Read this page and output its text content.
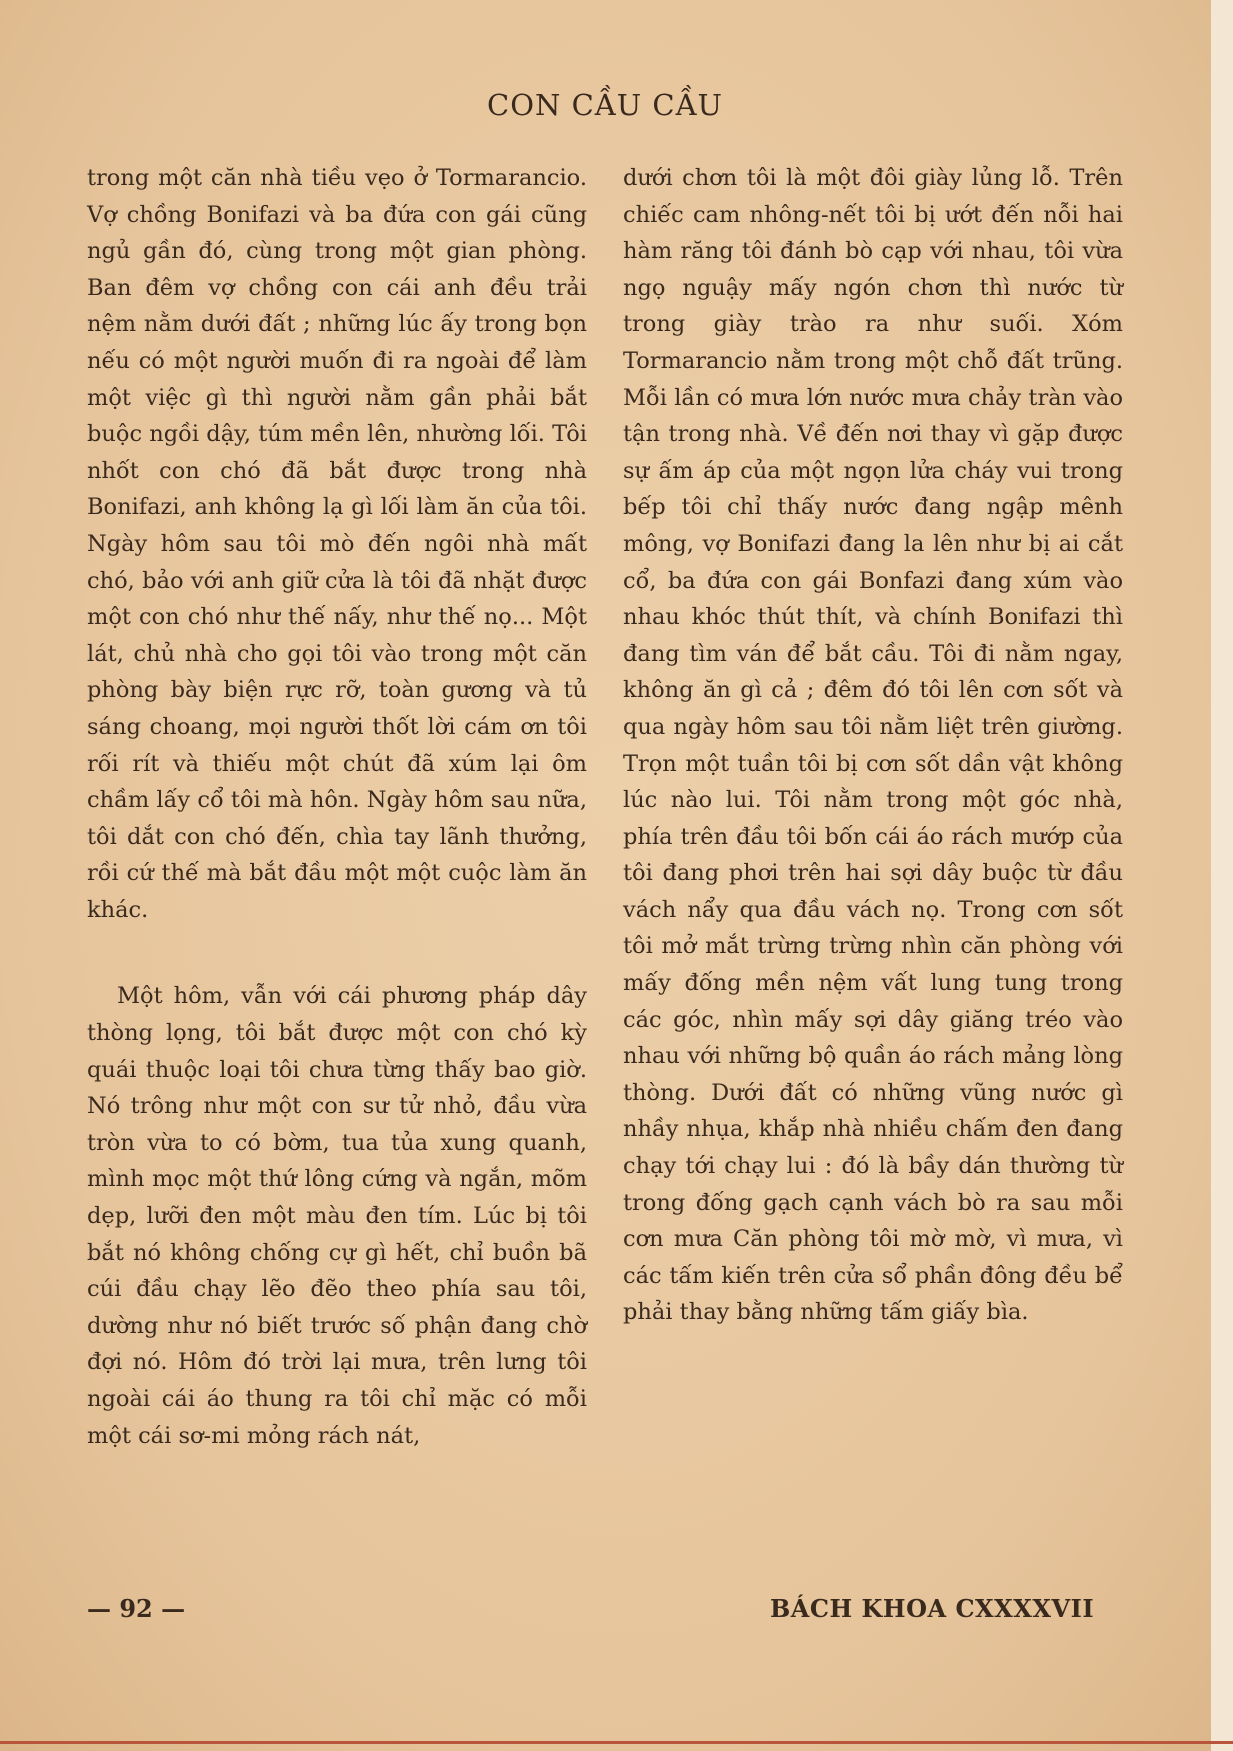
CON CẦU CẦU

trong một căn nhà tiều vẹo ở Tormarancio. Vợ chồng Bonifazi và ba đứa con gái cũng ngủ gần đó, cùng trong một gian phòng. Ban đêm vợ chồng con cái anh đều trải nệm nằm dưới đất ; những lúc ấy trong bọn nếu có một người muốn đi ra ngoài để làm một việc gì thì người nằm gần phải bắt buộc ngồi dậy, túm mền lên, nhường lối. Tôi nhốt con chó đã bắt được trong nhà Bonifazi, anh không lạ gì lối làm ăn của tôi. Ngày hôm sau tôi mò đến ngôi nhà mất chó, bảo với anh giữ cửa là tôi đã nhặt được một con chó như thế nấy, như thế nọ... Một lát, chủ nhà cho gọi tôi vào trong một căn phòng bày biện rực rỡ, toàn gương và tủ sáng choang, mọi người thốt lời cám ơn tôi rối rít và thiếu một chút đã xúm lại ôm chầm lấy cổ tôi mà hôn. Ngày hôm sau nữa, tôi dắt con chó đến, chìa tay lãnh thưởng, rồi cứ thế mà bắt đầu một một cuộc làm ăn khác.

Một hôm, vẫn với cái phương pháp dây thòng lọng, tôi bắt được một con chó kỳ quái thuộc loại tôi chưa từng thấy bao giờ. Nó trông như một con sư tử nhỏ, đầu vừa tròn vừa to có bờm, tua tủa xung quanh, mình mọc một thứ lông cứng và ngắn, mõm dẹp, lưỡi đen một màu đen tím. Lúc bị tôi bắt nó không chống cự gì hết, chỉ buồn bã cúi đầu chạy lẽo đẽo theo phía sau tôi, dường như nó biết trước số phận đang chờ đợi nó. Hôm đó trời lại mưa, trên lưng tôi ngoài cái áo thung ra tôi chỉ mặc có mỗi một cái sơ-mi mỏng rách nát,

dưới chơn tôi là một đôi giày lủng lỗ. Trên chiếc cam nhông-nết tôi bị ướt đến nỗi hai hàm răng tôi đánh bò cạp với nhau, tôi vừa ngọ nguậy mấy ngón chơn thì nước từ trong giày trào ra như suối. Xóm Tormarancio nằm trong một chỗ đất trũng. Mỗi lần có mưa lớn nước mưa chảy tràn vào tận trong nhà. Về đến nơi thay vì gặp được sự ấm áp của một ngọn lửa cháy vui trong bếp tôi chỉ thấy nước đang ngập mênh mông, vợ Bonifazi đang la lên như bị ai cắt cổ, ba đứa con gái Bonfazi đang xúm vào nhau khóc thút thít, và chính Bonifazi thì đang tìm ván để bắt cầu. Tôi đi nằm ngay, không ăn gì cả ; đêm đó tôi lên cơn sốt và qua ngày hôm sau tôi nằm liệt trên giường. Trọn một tuần tôi bị cơn sốt dần vật không lúc nào lui. Tôi nằm trong một góc nhà, phía trên đầu tôi bốn cái áo rách mướp của tôi đang phơi trên hai sợi dây buộc từ đầu vách nẩy qua đầu vách nọ. Trong cơn sốt tôi mở mắt trừng trừng nhìn căn phòng với mấy đống mền nệm vất lung tung trong các góc, nhìn mấy sợi dây giăng tréo vào nhau với những bộ quần áo rách mảng lòng thòng. Dưới đất có những vũng nước gì nhầy nhụa, khắp nhà nhiều chấm đen đang chạy tới chạy lui : đó là bầy dán thường từ trong đống gạch cạnh vách bò ra sau mỗi cơn mưa Căn phòng tôi mờ mờ, vì mưa, vì các tấm kiến trên cửa sổ phần đông đều bể phải thay bằng những tấm giấy bìa.

— 92 —	BÁCH KHOA CXXXXVII
